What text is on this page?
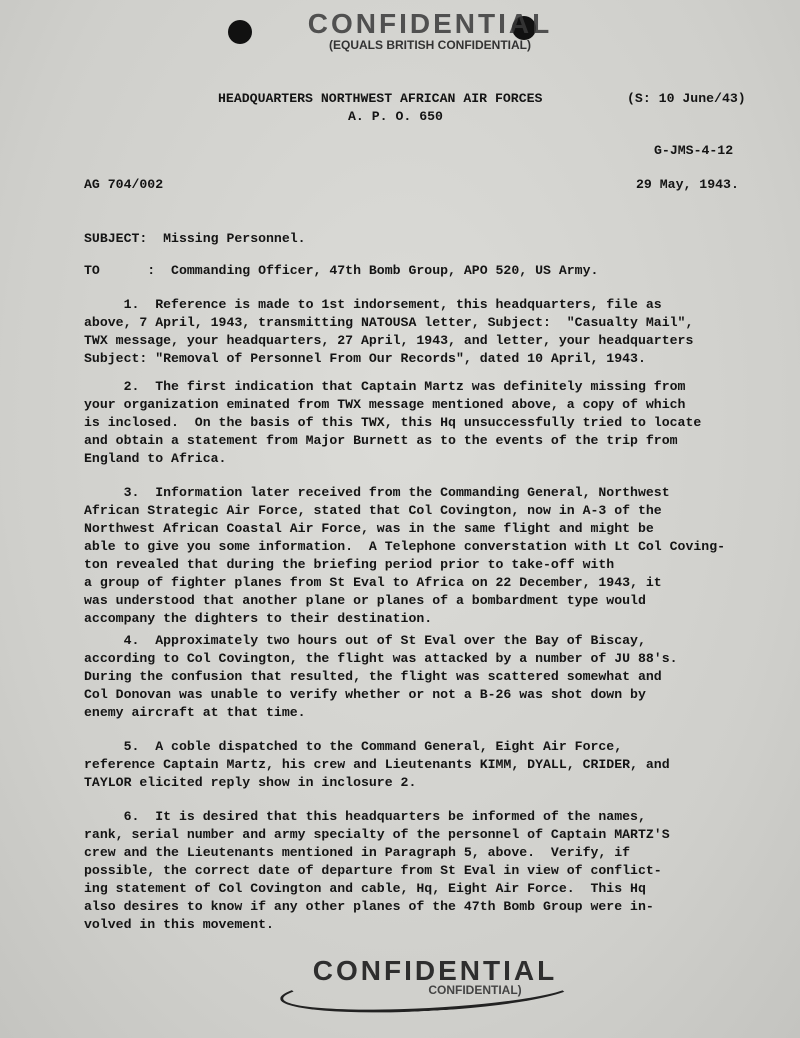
CONFIDENTIAL
(EQUALS BRITISH CONFIDENTIAL)
HEADQUARTERS NORTHWEST AFRICAN AIR FORCES
A. P. O. 650
(S: 10 June/43)
G-JMS-4-12
AG 704/002	29 May, 1943.
SUBJECT:  Missing Personnel.
TO      :  Commanding Officer, 47th Bomb Group, APO 520, US Army.
1.  Reference is made to 1st indorsement, this headquarters, file as
above, 7 April, 1943, transmitting NATOUSA letter, Subject:  "Casualty Mail",
TWX message, your headquarters, 27 April, 1943, and letter, your headquarters
Subject: "Removal of Personnel From Our Records", dated 10 April, 1943.
2.  The first indication that Captain Martz was definitely missing from
your organization eminated from TWX message mentioned above, a copy of which
is inclosed.  On the basis of this TWX, this Hq unsuccessfully tried to locate
and obtain a statement from Major Burnett as to the events of the trip from
England to Africa.
3.  Information later received from the Commanding General, Northwest
African Strategic Air Force, stated that Col Covington, now in A-3 of the
Northwest African Coastal Air Force, was in the same flight and might be
able to give you some information.  A Telephone converstation with Lt Col Coving-
ton revealed that during the briefing period prior to take-off with
a group of fighter planes from St Eval to Africa on 22 December, 1943, it
was understood that another plane or planes of a bombardment type would
accompany the dighters to their destination.
4.  Approximately two hours out of St Eval over the Bay of Biscay,
according to Col Covington, the flight was attacked by a number of JU 88's.
During the confusion that resulted, the flight was scattered somewhat and
Col Donovan was unable to verify whether or not a B-26 was shot down by
enemy aircraft at that time.
5.  A coble dispatched to the Command General, Eight Air Force,
reference Captain Martz, his crew and Lieutenants KIMM, DYALL, CRIDER, and
TAYLOR elicited reply show in inclosure 2.
6.  It is desired that this headquarters be informed of the names,
rank, serial number and army specialty of the personnel of Captain MARTZ'S
crew and the Lieutenants mentioned in Paragraph 5, above.  Verify, if
possible, the correct date of departure from St Eval in view of conflict-
ing statement of Col Covington and cable, Hq, Eight Air Force.  This Hq
also desires to know if any other planes of the 47th Bomb Group were in-
volved in this movement.
CONFIDENTIAL
CONFIDENTIAL)
